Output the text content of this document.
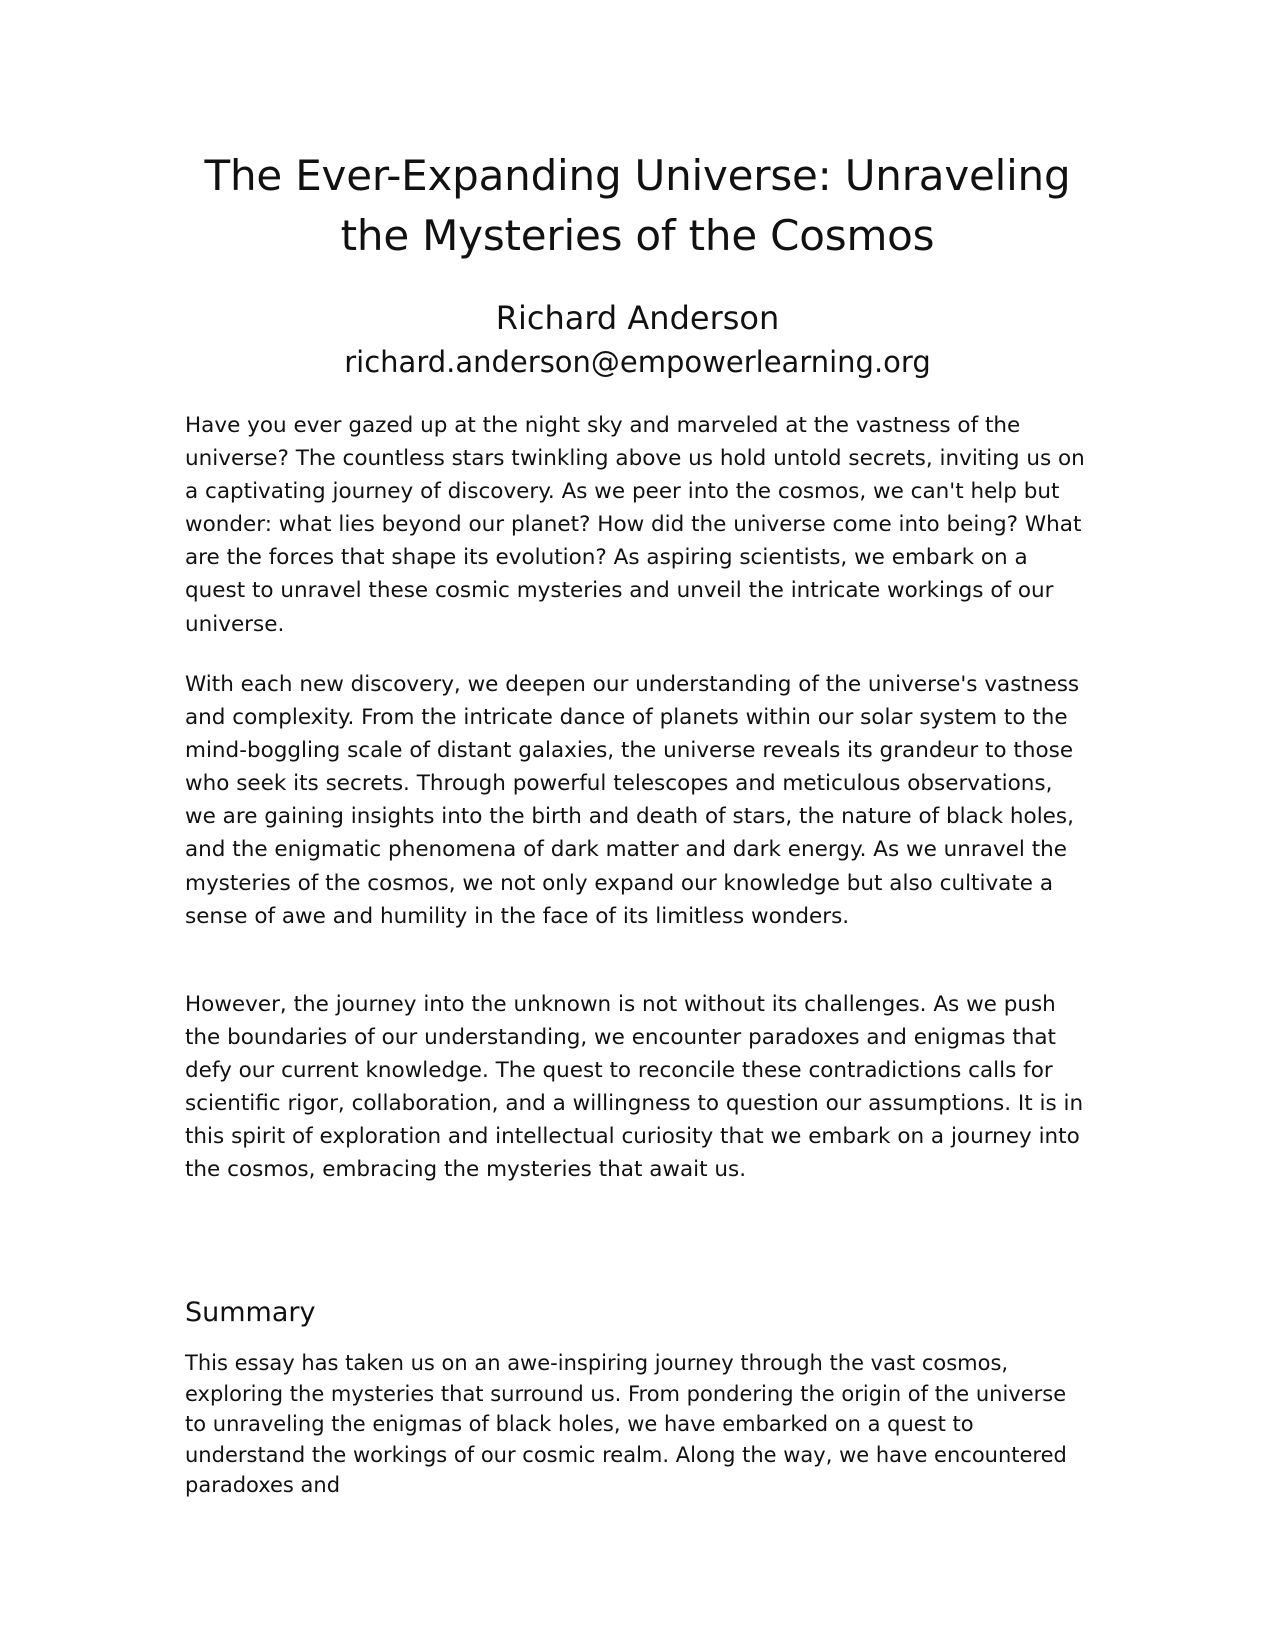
The Ever-Expanding Universe: Unraveling the Mysteries of the Cosmos
Richard Anderson
richard.anderson@empowerlearning.org

Have you ever gazed up at the night sky and marveled at the vastness of the universe? The countless stars twinkling above us hold untold secrets, inviting us on a captivating journey of discovery. As we peer into the cosmos, we can't help but wonder: what lies beyond our planet? How did the universe come into being? What are the forces that shape its evolution? As aspiring scientists, we embark on a quest to unravel these cosmic mysteries and unveil the intricate workings of our universe.

With each new discovery, we deepen our understanding of the universe's vastness and complexity. From the intricate dance of planets within our solar system to the mind-boggling scale of distant galaxies, the universe reveals its grandeur to those who seek its secrets. Through powerful telescopes and meticulous observations, we are gaining insights into the birth and death of stars, the nature of black holes, and the enigmatic phenomena of dark matter and dark energy. As we unravel the mysteries of the cosmos, we not only expand our knowledge but also cultivate a sense of awe and humility in the face of its limitless wonders.

However, the journey into the unknown is not without its challenges. As we push the boundaries of our understanding, we encounter paradoxes and enigmas that defy our current knowledge. The quest to reconcile these contradictions calls for scientific rigor, collaboration, and a willingness to question our assumptions. It is in this spirit of exploration and intellectual curiosity that we embark on a journey into the cosmos, embracing the mysteries that await us.

Summary

This essay has taken us on an awe-inspiring journey through the vast cosmos, exploring the mysteries that surround us. From pondering the origin of the universe to unraveling the enigmas of black holes, we have embarked on a quest to understand the workings of our cosmic realm. Along the way, we have encountered paradoxes and
